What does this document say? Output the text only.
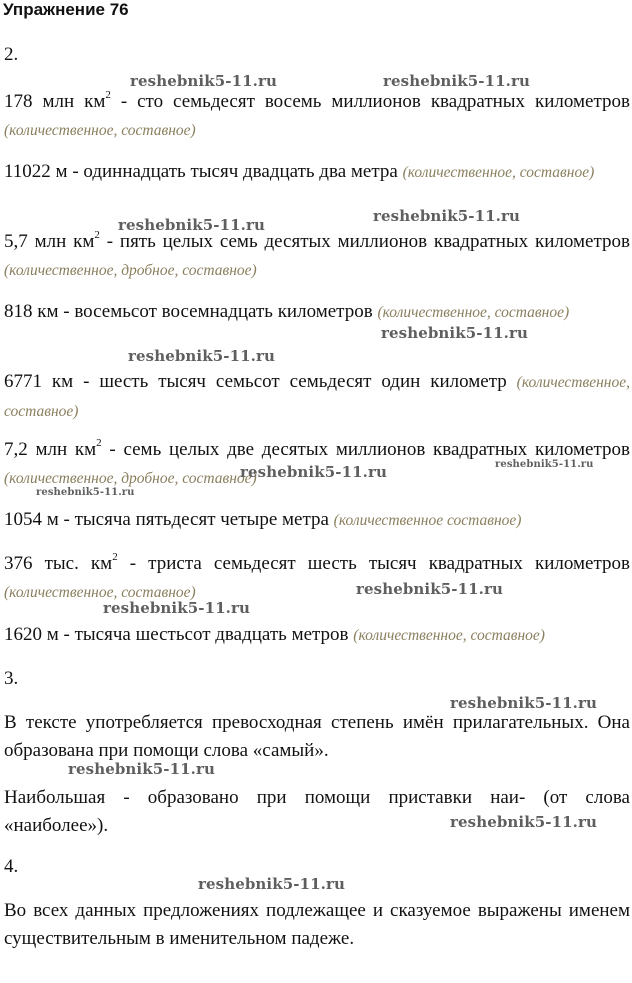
Упражнение 76
2.
178 млн $км^2$ - сто семьдесят восемь миллионов квадратных километров (количественное, составное)
11022 м - одиннадцать тысяч двадцать два метра (количественное, составное)
5,7 млн $км^2$ - пять целых семь десятых миллионов квадратных километров (количественное, дробное, составное)
818 км - восемьсот восемнадцать километров (количественное, составное)
6771 км - шесть тысяч семьсот семьдесят один километр (количественное, составное)
7,2 млн $км^2$ - семь целых две десятых миллионов квадратных километров (количественное, дробное, составное)
1054 м - тысяча пятьдесят четыре метра (количественное составное)
376 тыс. $км^2$ - триста семьдесят шесть тысяч квадратных километров (количественное, составное)
1620 м - тысяча шестьсот двадцать метров (количественное, составное)
3.
В тексте употребляется превосходная степень имён прилагательных. Она образована при помощи слова «самый».
Наибольшая - образовано при помощи приставки наи- (от слова «наиболее»).
4.
Во всех данных предложениях подлежащее и сказуемое выражены именем существительным в именительном падеже.
reshebnik5-11.ru	reshebnik5-11.ru
reshebnik5-11.ru	reshebnik5-11.ru
reshebnik5-11.ru
reshebnik5-11.ru
reshebnik5-11.ru	reshebnik5-11.ru
reshebnik5-11.ru
reshebnik5-11.ru
reshebnik5-11.ru
reshebnik5-11.ru
reshebnik5-11.ru
reshebnik5-11.ru
reshebnik5-11.ru
